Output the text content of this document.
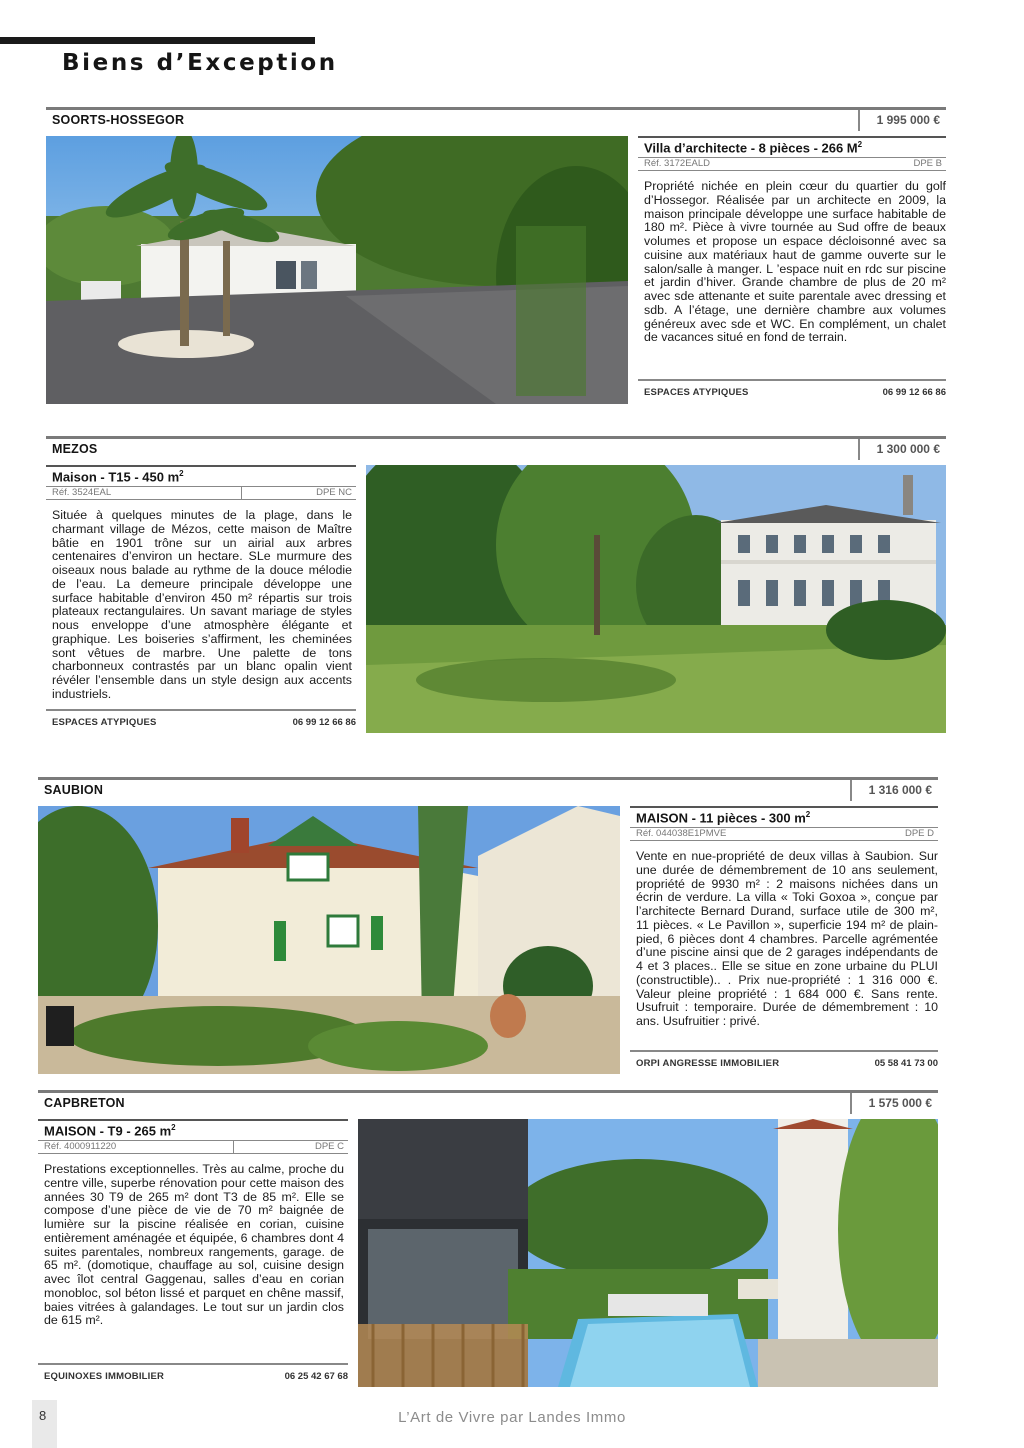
Biens d’Exception
SOORTS-HOSSEGOR	1 995 000 €
Villa d’architecte - 8 pièces - 266 $M^2$
Réf. 3172EALD	DPE B

Propriété nichée en plein cœur du quartier du golf d’Hossegor. Réalisée par un architecte en 2009, la maison principale développe une surface habitable de 180 m². Pièce à vivre tournée au Sud offre de beaux volumes et propose un espace décloisonné avec sa cuisine aux matériaux haut de gamme ouverte sur le salon/salle à manger. L ’espace nuit en rdc sur piscine et jardin d’hiver. Grande chambre de plus de 20 m² avec sde attenante et suite parentale avec dressing et sdb. A l’étage, une dernière chambre aux volumes généreux avec sde et WC. En complément, un chalet de vacances situé en fond de terrain.

ESPACES ATYPIQUES	06 99 12 66 86
MEZOS	1 300 000 €
Maison - T15 - 450 $m^2$
Réf. 3524EAL	DPE NC

Située à quelques minutes de la plage, dans le charmant village de Mézos, cette maison de Maître bâtie en 1901 trône sur un airial aux arbres centenaires d’environ un hectare. SLe murmure des oiseaux nous balade au rythme de la douce mélodie de l’eau. La demeure principale développe une surface habitable d’environ 450 m² répartis sur trois plateaux rectangulaires. Un savant mariage de styles nous enveloppe d’une atmosphère élégante et graphique. Les boiseries s’affirment, les cheminées sont vêtues de marbre. Une palette de tons charbonneux contrastés par un blanc opalin vient révéler l’ensemble dans un style design aux accents industriels.

ESPACES ATYPIQUES	06 99 12 66 86
SAUBION	1 316 000 €
MAISON - 11 pièces - 300 $m^2$
Réf. 044038E1PMVE	DPE D

Vente en nue-propriété de deux villas à Saubion. Sur une durée de démembrement de 10 ans seulement, propriété de 9930 m² : 2 maisons nichées dans un écrin de verdure. La villa « Toki Goxoa », conçue par l’architecte Bernard Durand, surface utile de 300 m², 11 pièces. « Le Pavillon », superficie 194 m² de plain-pied, 6 pièces dont 4 chambres. Parcelle agrémentée d’une piscine ainsi que de 2 garages indépendants de 4 et 3 places.. Elle se situe en zone urbaine du PLUI (constructible).. . Prix nue-propriété : 1 316 000 €. Valeur pleine propriété : 1 684 000 €. Sans rente. Usufruit : temporaire. Durée de démembrement : 10 ans. Usufruitier : privé.

ORPI ANGRESSE IMMOBILIER	05 58 41 73 00
CAPBRETON	1 575 000 €
MAISON - T9 - 265 $m^2$
Réf. 4000911220	DPE C

Prestations exceptionnelles. Très au calme, proche du centre ville, superbe rénovation pour cette maison des années 30 T9 de 265 m² dont T3 de 85 m². Elle se compose d’une pièce de vie de 70 m² baignée de lumière sur la piscine réalisée en corian, cuisine entièrement aménagée et équipée, 6 chambres dont 4 suites parentales, nombreux rangements, garage. de 65 m². (domotique, chauffage au sol, cuisine design avec îlot central Gaggenau, salles d’eau en corian monobloc, sol béton lissé et parquet en chêne massif, baies vitrées à galandages. Le tout sur un jardin clos de 615 m².

EQUINOXES IMMOBILIER	06 25 42 67 68
8	L’Art de Vivre par Landes Immo
